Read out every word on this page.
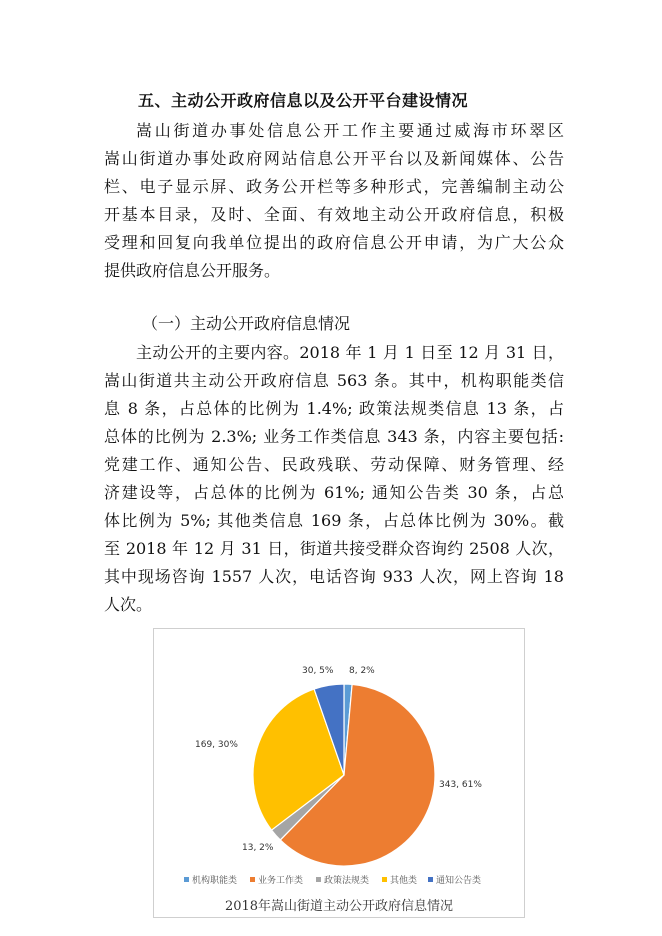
五、主动公开政府信息以及公开平台建设情况
嵩山街道办事处信息公开工作主要通过威海市环翠区
嵩山街道办事处政府网站信息公开平台以及新闻媒体、公告
栏、电子显示屏、政务公开栏等多种形式，完善编制主动公
开基本目录，及时、全面、有效地主动公开政府信息，积极
受理和回复向我单位提出的政府信息公开申请，为广大公众
提供政府信息公开服务。
（一）主动公开政府信息情况
主动公开的主要内容。2018 年 1 月 1 日至 12 月 31 日，
嵩山街道共主动公开政府信息 563 条。其中，机构职能类信
息 8 条，占总体的比例为 1.4%; 政策法规类信息 13 条，占
总体的比例为 2.3%; 业务工作类信息 343 条，内容主要包括:
党建工作、通知公告、民政残联、劳动保障、财务管理、经
济建设等，占总体的比例为 61%; 通知公告类 30 条，占总
体比例为 5%; 其他类信息 169 条，占总体比例为 30%。截
至 2018 年 12 月 31 日，街道共接受群众咨询约 2508 人次，
其中现场咨询 1557 人次，电话咨询 933 人次，网上咨询 18
人次。
8, 2%
343, 61%
13, 2%
169, 30%
30, 5%
机构职能类 业务工作类 政策法规类 其他类 通知公告类
2018年嵩山街道主动公开政府信息情况
